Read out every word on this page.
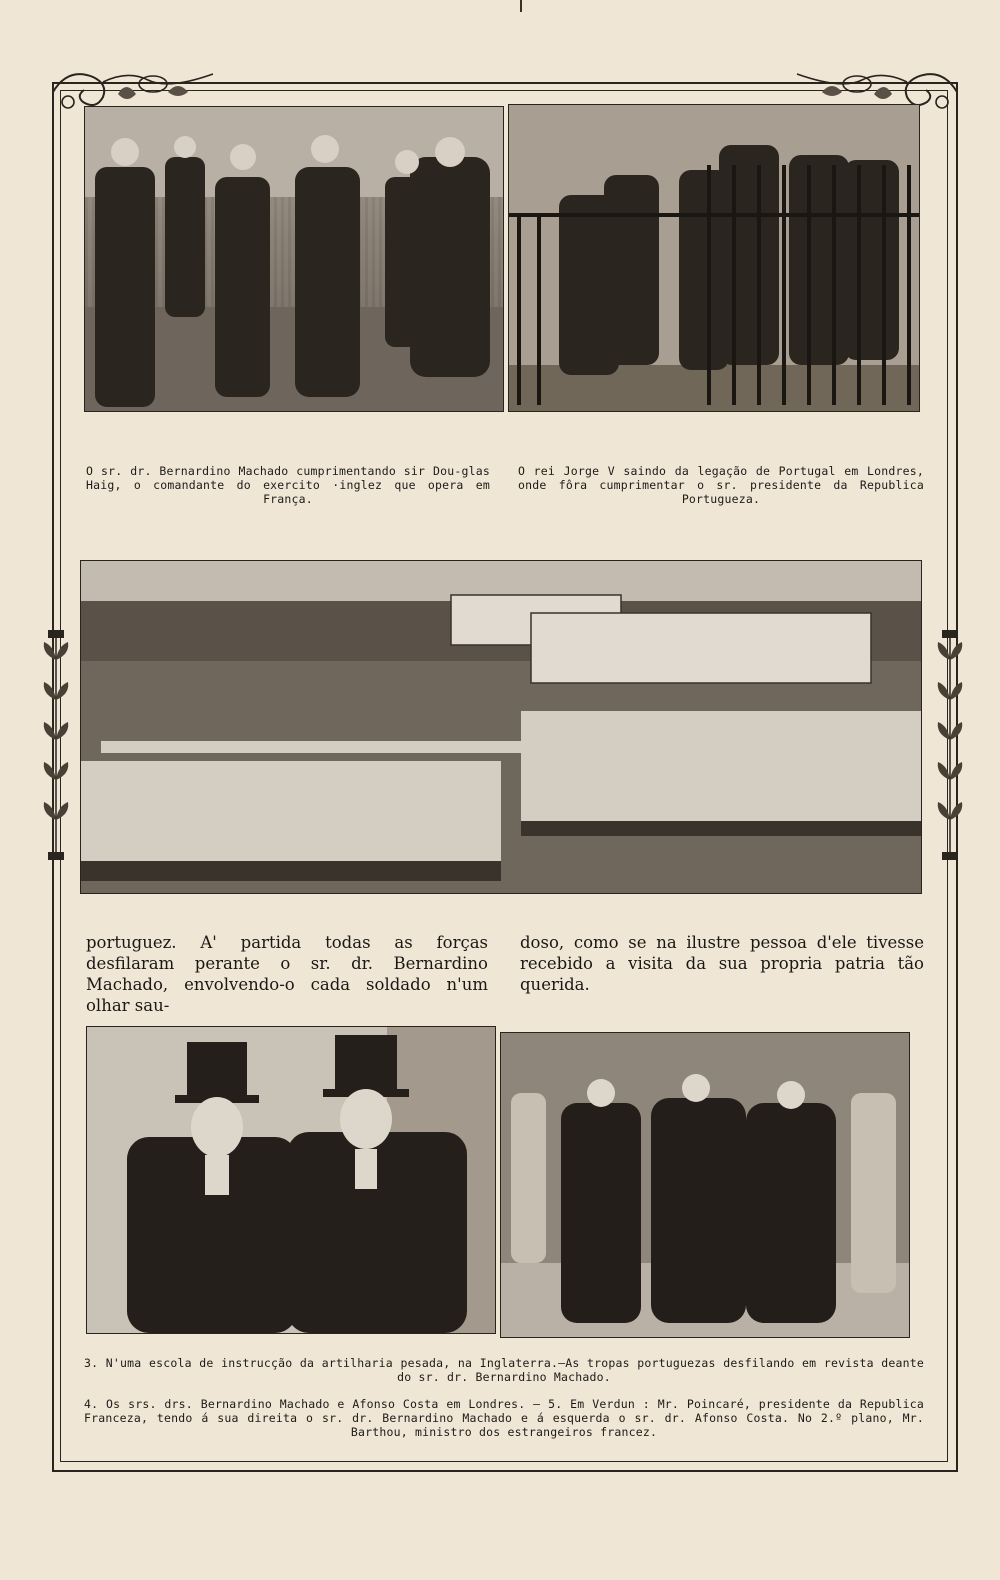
O sr. dr. Bernardino Machado cumprimentando sir Dou-glas Haig, o comandante do exercito ·inglez que opera em França.
O rei Jorge V saindo da legação de Portugal em Londres, onde fôra cumprimentar o sr. presidente da Republica Portugueza.
portuguez. A' partida todas as forças desfilaram perante o sr. dr. Bernardino Machado, envolvendo-o cada soldado n'um olhar sau-
doso, como se na ilustre pessoa d'ele tivesse recebido a visita da sua propria patria tão querida.
3. N'uma escola de instrucção da artilharia pesada, na Inglaterra.—As tropas portuguezas desfilando em revista deante do sr. dr. Bernardino Machado.
4. Os srs. drs. Bernardino Machado e Afonso Costa em Londres. — 5. Em Verdun : Mr. Poincaré, presidente da Republica Franceza, tendo á sua direita o sr. dr. Bernardino Machado e á esquerda o sr. dr. Afonso Costa. No 2.º plano, Mr. Barthou, ministro dos estrangeiros francez.
